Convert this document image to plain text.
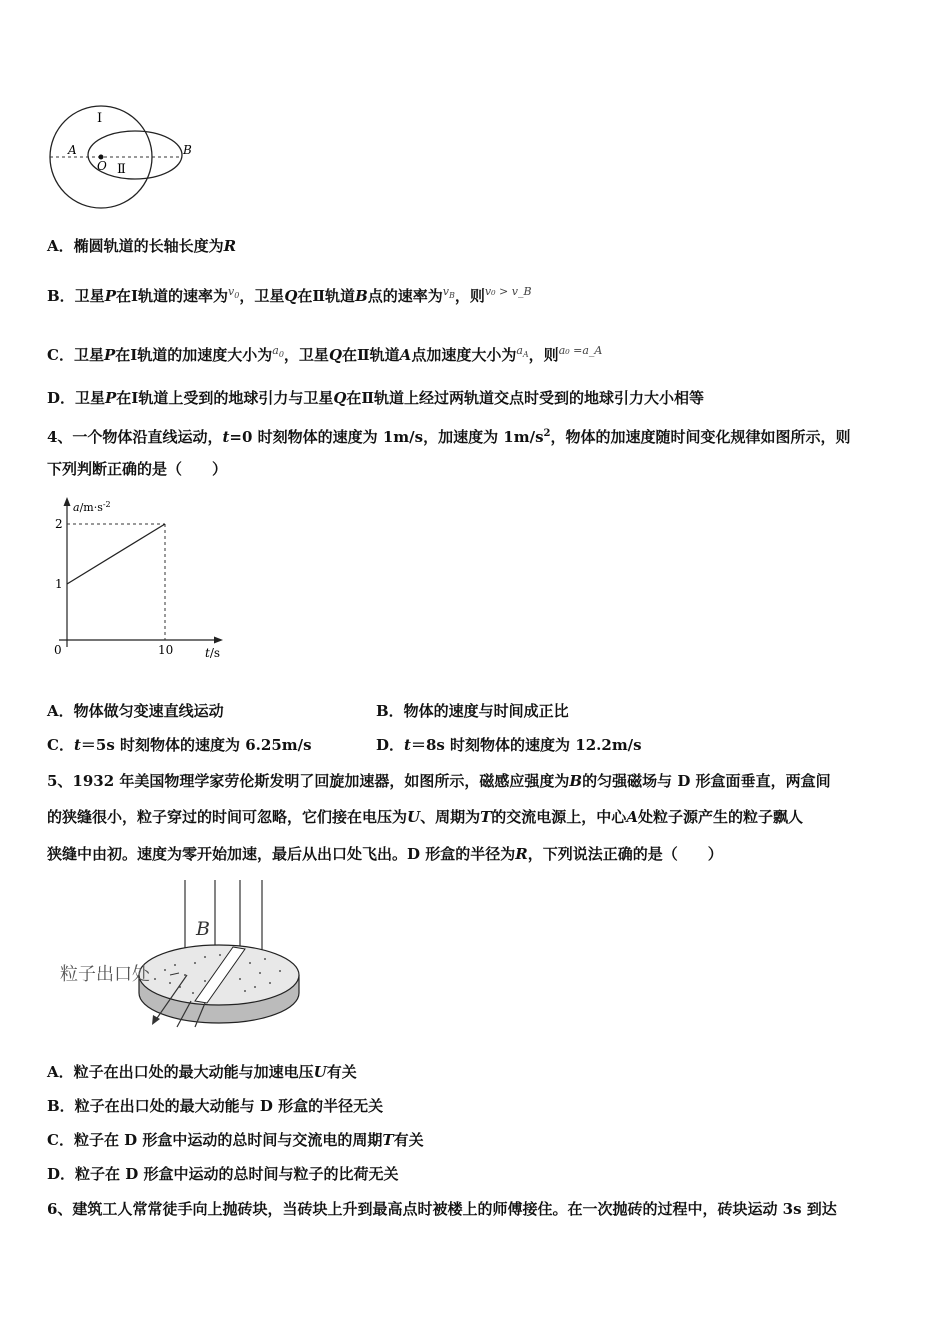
Ⅰ
Ⅱ
A	B
O
A．椭圆轨道的长轴长度为R
B．卫星P在Ⅰ轨道的速率为$^{v_0}$，卫星Q在Ⅱ轨道B点的速率为$^{v_B}$，则$^{v_0 > v\_B}$
C．卫星P在Ⅰ轨道的加速度大小为$^{a_0}$，卫星Q在Ⅱ轨道A点加速度大小为$^{a_A}$，则$^{a_0 =a\_A}$
D．卫星P在Ⅰ轨道上受到的地球引力与卫星Q在Ⅱ轨道上经过两轨道交点时受到的地球引力大小相等
4、一个物体沿直线运动，t=0 时刻物体的速度为 1m/s，加速度为 $1m/s^2$，物体的加速度随时间变化规律如图所示，则
下列判断正确的是（　　）
$a/m\cdot s^{-2}$
2
1
0	10	t/s
A．物体做匀变速直线运动	B．物体的速度与时间成正比
C．t＝5s 时刻物体的速度为 6.25m/s	D．t＝8s 时刻物体的速度为 12.2m/s
5、1932 年美国物理学家劳伦斯发明了回旋加速器，如图所示，磁感应强度为B的匀强磁场与 D 形盒面垂直，两盒间
的狭缝很小，粒子穿过的时间可忽略，它们接在电压为U、周期为T的交流电源上，中心A处粒子源产生的粒子飘人
狭缝中由初。速度为零开始加速，最后从出口处飞出。D 形盒的半径为R，下列说法正确的是（　　）
B
粒子出口处
A．粒子在出口处的最大动能与加速电压U有关
B．粒子在出口处的最大动能与 D 形盒的半径无关
C．粒子在 D 形盒中运动的总时间与交流电的周期T有关
D．粒子在 D 形盒中运动的总时间与粒子的比荷无关
6、建筑工人常常徒手向上抛砖块，当砖块上升到最高点时被楼上的师傅接住。在一次抛砖的过程中，砖块运动 3s 到达
